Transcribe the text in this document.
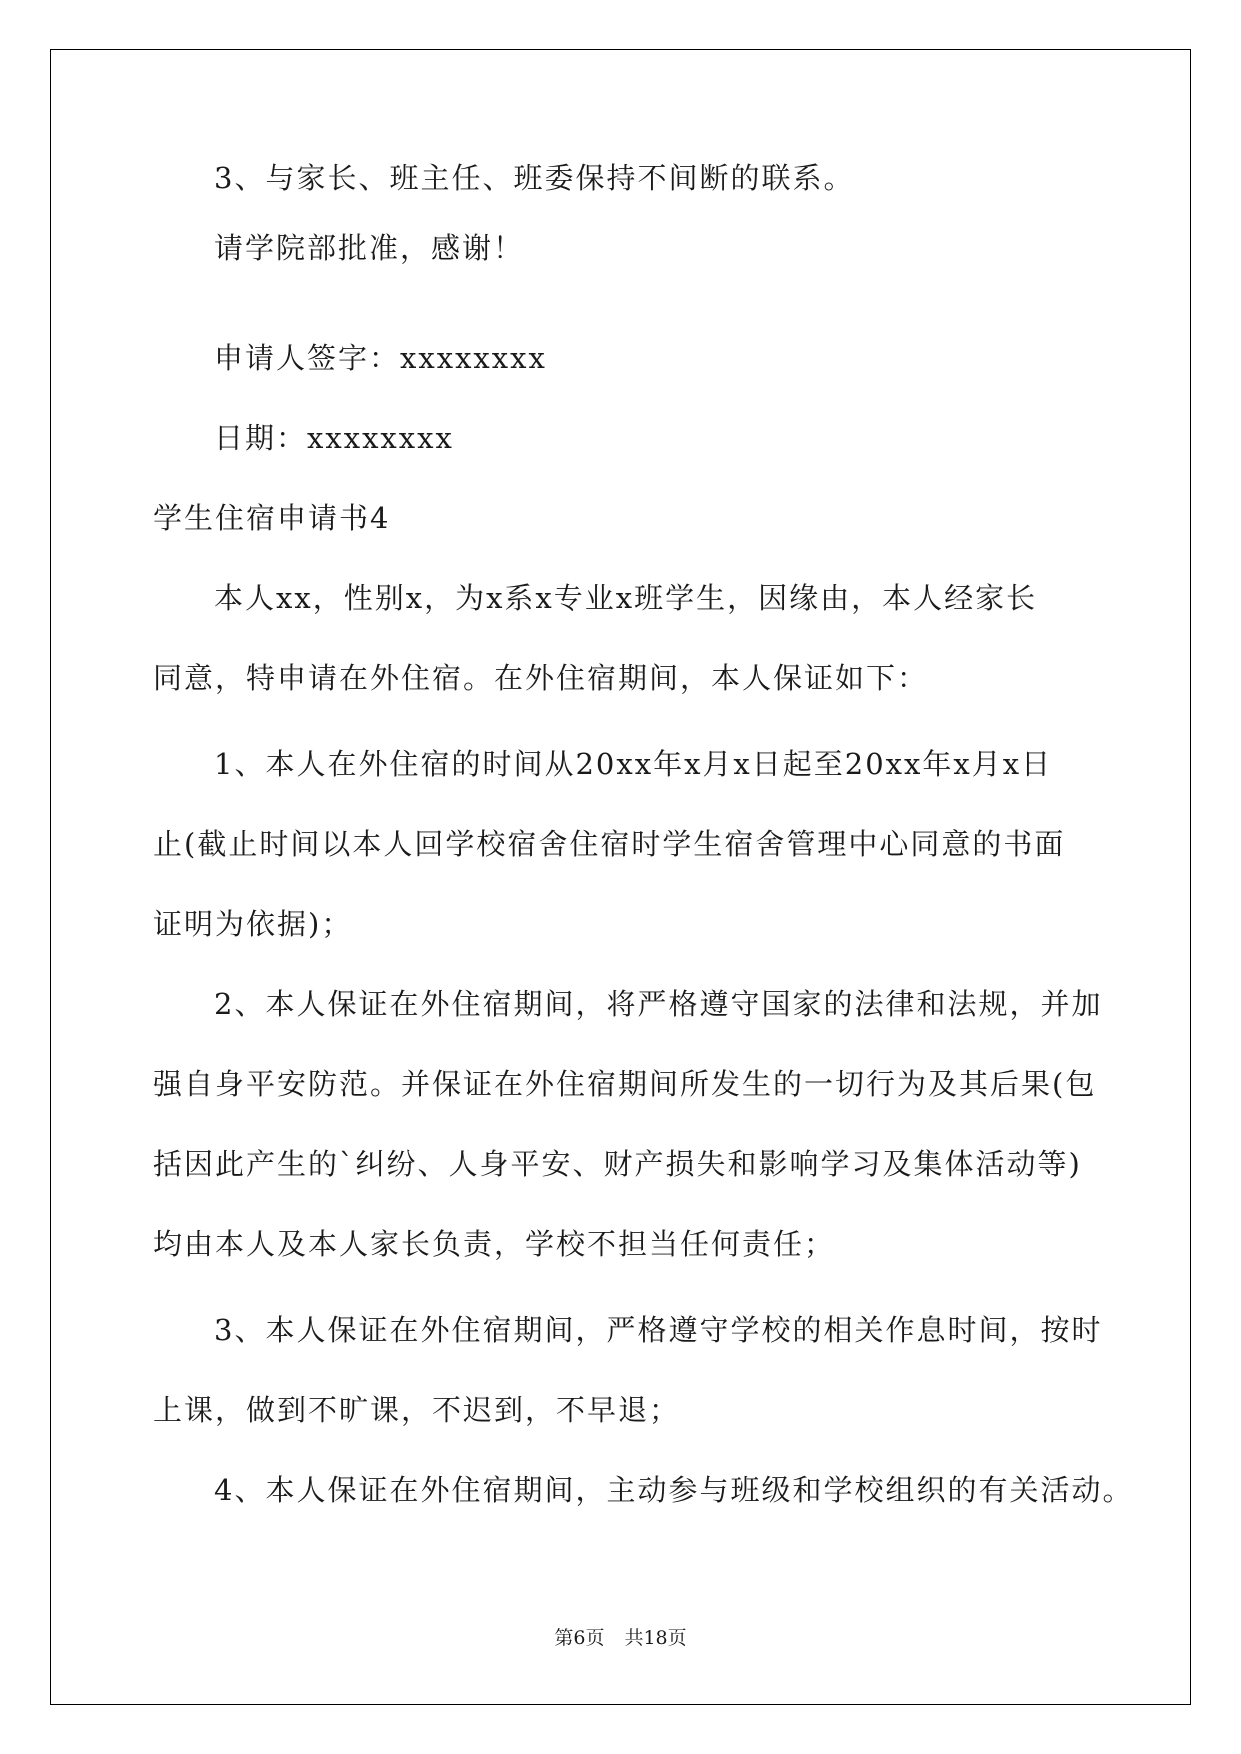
3、与家长、班主任、班委保持不间断的联系。
请学院部批准，感谢！
申请人签字：xxxxxxxx
日期：xxxxxxxx
学生住宿申请书4
本人xx，性别x，为x系x专业x班学生，因缘由，本人经家长
同意，特申请在外住宿。在外住宿期间，本人保证如下：
1、本人在外住宿的时间从20xx年x月x日起至20xx年x月x日
止(截止时间以本人回学校宿舍住宿时学生宿舍管理中心同意的书面
证明为依据)；
2、本人保证在外住宿期间，将严格遵守国家的法律和法规，并加
强自身平安防范。并保证在外住宿期间所发生的一切行为及其后果(包
括因此产生的`纠纷、人身平安、财产损失和影响学习及集体活动等)
均由本人及本人家长负责，学校不担当任何责任；
3、本人保证在外住宿期间，严格遵守学校的相关作息时间，按时
上课，做到不旷课，不迟到，不早退；
4、本人保证在外住宿期间，主动参与班级和学校组织的有关活动。
第6页 共18页
